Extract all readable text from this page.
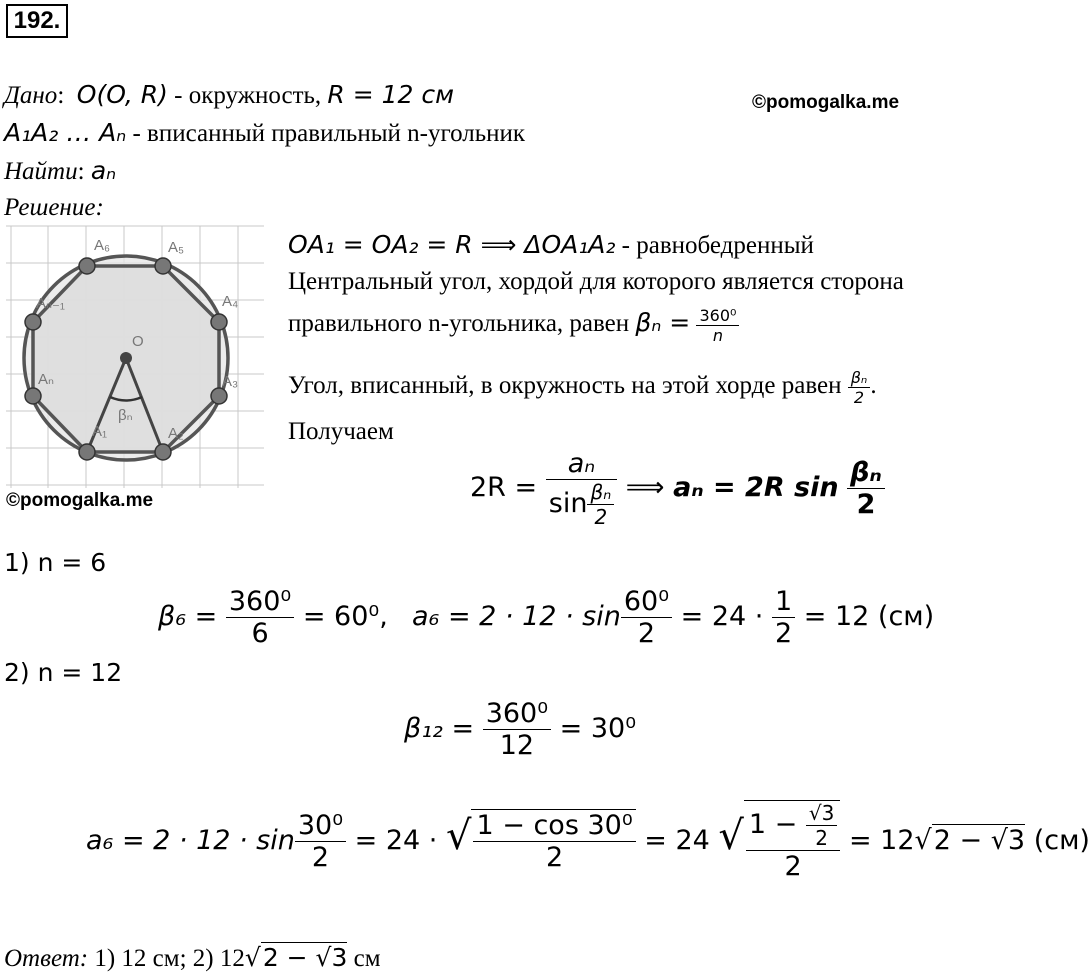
192.
©pomogalka.me
Дано:  O(O, R) - окружность, R = 12 см
A₁A₂ … Aₙ - вписанный правильный n-угольник
Найти: aₙ
Решение:
O
βₙ
A₁	A₂
A₃
A₄
A₅
A₆
Aₙ₋₁
Aₙ
©pomogalka.me
OA₁ = OA₂ = R ⟹ ΔOA₁A₂ - равнобедренный
Центральный угол, хордой для которого является сторона
правильного n-угольника, равен $\beta_n = \frac{\text{360⁰}}{n}$
Угол, вписанный, в окружность на этой хорде равен $\frac{\text{βₙ}}{2}$ .
Получаем
$2R = \frac{\text{aₙ}}{\sin \frac{\text{βₙ}}{2}}$ ⟹ aₙ = 2R $\sin \frac{\text{βₙ}}{2}$
1) n = 6
$\beta_6 = \frac{\text{360⁰}}{6} = 60^0$, $a_6 = 2 \cdot 12 \cdot \sin \frac{\text{60⁰}}{2} = 24 \cdot \frac{1}{2} = 12$ (см)
2) n = 12
$\beta_{12} = \frac{\text{360⁰}}{12} = 30^0$
$a_6 = 2 \cdot 12 \cdot \sin \frac{\text{30⁰}}{2} = 24$ · √ $\frac{\text{1 − cos 30⁰}}{2} = 24$ √ $\frac{1 - \frac{√3}{2}}{2} = 12√2 - √3$ (см)
Ответ: 1) 12 см; 2) 12√2 − √3 см
